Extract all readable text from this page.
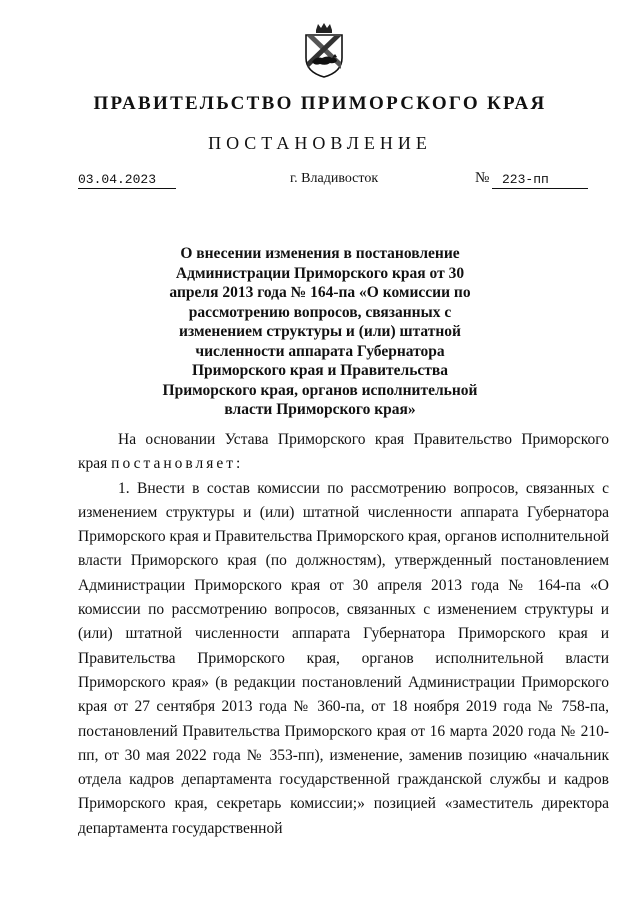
ПРАВИТЕЛЬСТВО ПРИМОРСКОГО КРАЯ
ПОСТАНОВЛЕНИЕ
03.04.2023	г. Владивосток	№ 223-пп
О внесении изменения в постановление Администрации Приморского края от 30 апреля 2013 года № 164-па «О комиссии по рассмотрению вопросов, связанных с изменением структуры и (или) штатной численности аппарата Губернатора Приморского края и Правительства Приморского края, органов исполнительной власти Приморского края»

На основании Устава Приморского края Правительство Приморского края постановляет:

1. Внести в состав комиссии по рассмотрению вопросов, связанных с изменением структуры и (или) штатной численности аппарата Губернатора Приморского края и Правительства Приморского края, органов исполнительной власти Приморского края (по должностям), утвержденный постановлением Администрации Приморского края от 30 апреля 2013 года № 164-па «О комиссии по рассмотрению вопросов, связанных с изменением структуры и (или) штатной численности аппарата Губернатора Приморского края и Правительства Приморского края, органов исполнительной власти Приморского края» (в редакции постановлений Администрации Приморского края от 27 сентября 2013 года № 360-па, от 18 ноября 2019 года № 758-па, постановлений Правительства Приморского края от 16 марта 2020 года № 210-пп, от 30 мая 2022 года № 353-пп), изменение, заменив позицию «начальник отдела кадров департамента государственной гражданской службы и кадров Приморского края, секретарь комиссии;» позицией «заместитель директора департамента государственной
